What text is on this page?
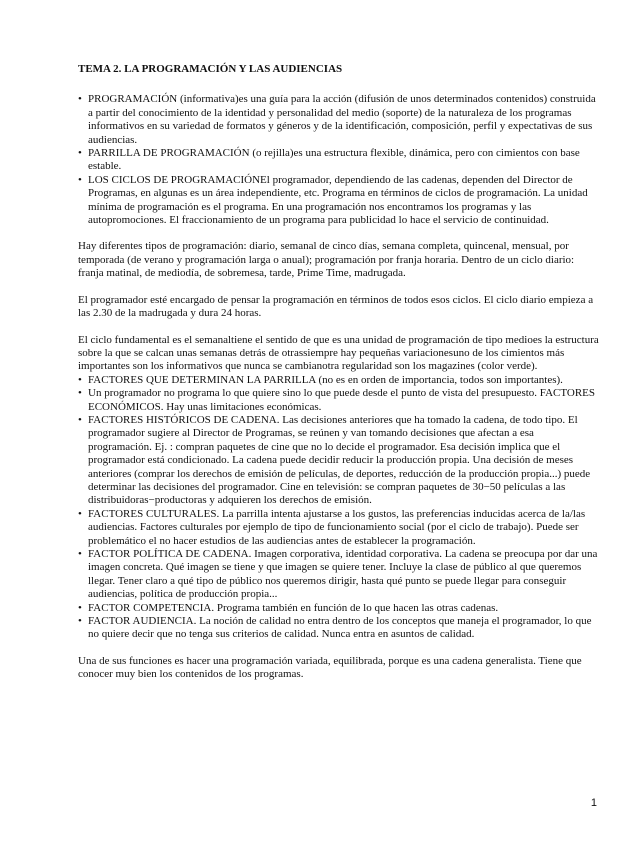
TEMA 2. LA PROGRAMACIÓN Y LAS AUDIENCIAS
• PROGRAMACIÓN (informativa)es una guía para la acción (difusión de unos determinados contenidos) construida a partir del conocimiento de la identidad y personalidad del medio (soporte) de la naturaleza de los programas informativos en su variedad de formatos y géneros y de la identificación, composición, perfil y expectativas de sus audiencias.
• PARRILLA DE PROGRAMACIÓN (o rejilla)es una estructura flexible, dinámica, pero con cimientos con base estable.
• LOS CICLOS DE PROGRAMACIÓNEl programador, dependiendo de las cadenas, dependen del Director de Programas, en algunas es un área independiente, etc. Programa en términos de ciclos de programación. La unidad mínima de programación es el programa. En una programación nos encontramos los programas y las autopromociones. El fraccionamiento de un programa para publicidad lo hace el servicio de continuidad.

Hay diferentes tipos de programación: diario, semanal de cinco días, semana completa, quincenal, mensual, por temporada (de verano y programación larga o anual); programación por franja horaria. Dentro de un ciclo diario: franja matinal, de mediodía, de sobremesa, tarde, Prime Time, madrugada.

El programador esté encargado de pensar la programación en términos de todos esos ciclos. El ciclo diario empieza a las 2.30 de la madrugada y dura 24 horas.

El ciclo fundamental es el semanaltiene el sentido de que es una unidad de programación de tipo medioes la estructura sobre la que se calcan unas semanas detrás de otrassiempre hay pequeñas variacionesuno de los cimientos más importantes son los informativos que nunca se cambianotra regularidad son los magazines (color verde).

• FACTORES QUE DETERMINAN LA PARRILLA (no es en orden de importancia, todos son importantes).
• Un programador no programa lo que quiere sino lo que puede desde el punto de vista del presupuesto. FACTORES ECONÓMICOS. Hay unas limitaciones económicas.
• FACTORES HISTÓRICOS DE CADENA. Las decisiones anteriores que ha tomado la cadena, de todo tipo. El programador sugiere al Director de Programas, se reúnen y van tomando decisiones que afectan a esa programación. Ej. : compran paquetes de cine que no lo decide el programador. Esa decisión implica que el programador está condicionado. La cadena puede decidir reducir la producción propia. Una decisión de meses anteriores (comprar los derechos de emisión de películas, de deportes, reducción de la producción propia...) puede determinar las decisiones del programador. Cine en televisión: se compran paquetes de 30−50 películas a las distribuidoras−productoras y adquieren los derechos de emisión.
• FACTORES CULTURALES. La parrilla intenta ajustarse a los gustos, las preferencias inducidas acerca de la/las audiencias. Factores culturales por ejemplo de tipo de funcionamiento social (por el ciclo de trabajo). Puede ser problemático el no hacer estudios de las audiencias antes de establecer la programación.
• FACTOR POLÍTICA DE CADENA. Imagen corporativa, identidad corporativa. La cadena se preocupa por dar una imagen concreta. Qué imagen se tiene y que imagen se quiere tener. Incluye la clase de público al que queremos llegar. Tener claro a qué tipo de público nos queremos dirigir, hasta qué punto se puede llegar para conseguir audiencias, política de producción propia...
• FACTOR COMPETENCIA. Programa también en función de lo que hacen las otras cadenas.
• FACTOR AUDIENCIA. La noción de calidad no entra dentro de los conceptos que maneja el programador, lo que no quiere decir que no tenga sus criterios de calidad. Nunca entra en asuntos de calidad.

Una de sus funciones es hacer una programación variada, equilibrada, porque es una cadena generalista. Tiene que conocer muy bien los contenidos de los programas.

1
